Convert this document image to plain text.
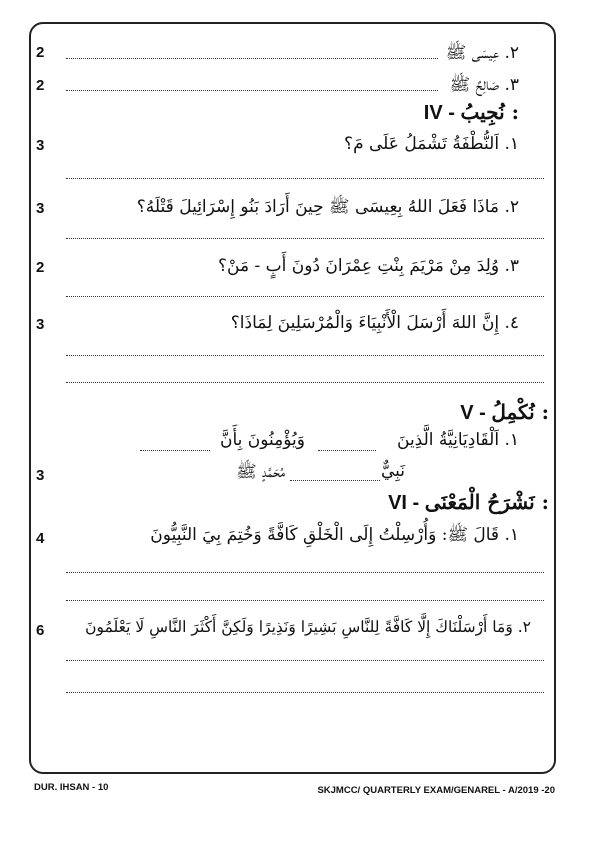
2	٢. عِيسَى ﷺ
2	٣. صَالِحٌ ﷺ
IV - نُجِيبُ :
3	١. اَلنُّطْفَةُ تَشْمَلُ عَلَى مَ؟
3	٢. مَاذَا فَعَلَ اللهُ بِعِيسَى ﷺ حِينَ أَرَادَ بَنُو إِسْرَائِيلَ قَتْلَهُ؟
2	٣. وُلِدَ مِنْ مَرْيَمَ بِنْتِ عِمْرَانَ دُونَ أَبٍ - مَنْ؟
3	٤. إِنَّ اللهَ أَرْسَلَ الْأَنْبِيَاءَ وَالْمُرْسَلِينَ لِمَاذَا؟
V - نُكْمِلُ :
١. اَلْقَادِيَانِيَّةُ الَّذِينَ
وَيُؤْمِنُونَ بِأَنَّ
3	مُحَمَّدٍ ﷺ	نَبِيٌّ
VI - نَشْرَحُ الْمَعْنَى :
4	١. قَالَ ﷺ: وَأُرْسِلْتُ إِلَى الْخَلْقِ كَافَّةً وَخُتِمَ بِيَ النَّبِيُّونَ
6	٢. وَمَا أَرْسَلْنَاكَ إِلَّا كَافَّةً لِلنَّاسِ بَشِيرًا وَنَذِيرًا وَلَكِنَّ أَكْثَرَ النَّاسِ لَا يَعْلَمُونَ
DUR. IHSAN - 10	SKJMCC/ QUARTERLY EXAM/GENAREL - A/2019 -20
